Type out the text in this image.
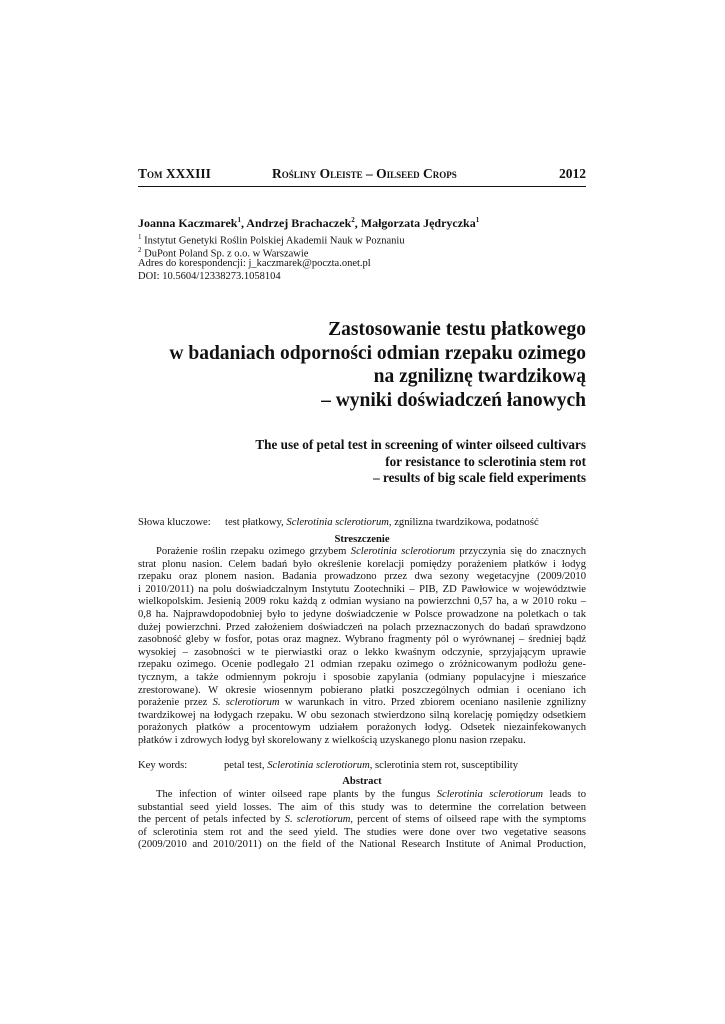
Tom XXXIII	Rośliny Oleiste – Oilseed Crops	2012
Joanna Kaczmarek$^1$, Andrzej Brachaczek$^2$, Małgorzata Jędryczka$^1$
$^1$ Instytut Genetyki Roślin Polskiej Akademii Nauk w Poznaniu
$^2$ DuPont Poland Sp. z o.o. w Warszawie
Adres do korespondencji: j_kaczmarek@poczta.onet.pl
DOI: 10.5604/12338273.1058104
Zastosowanie testu płatkowego
w badaniach odporności odmian rzepaku ozimego
na zgniliznę twardzikową
– wyniki doświadczeń łanowych
The use of petal test in screening of winter oilseed cultivars
for resistance to sclerotinia stem rot
– results of big scale field experiments
Słowa kluczowe: test płatkowy, Sclerotinia sclerotiorum, zgnilizna twardzikowa, podatność
Streszczenie
Porażenie roślin rzepaku ozimego grzybem Sclerotinia sclerotiorum przyczynia się do znacznych
strat plonu nasion. Celem badań było określenie korelacji pomiędzy porażeniem płatków i łodyg
rzepaku oraz plonem nasion. Badania prowadzono przez dwa sezony wegetacyjne (2009/2010
i 2010/2011) na polu doświadczalnym Instytutu Zootechniki – PIB, ZD Pawłowice w województwie
wielkopolskim. Jesienią 2009 roku każdą z odmian wysiano na powierzchni 0,57 ha, a w 2010 roku –
0,8 ha. Najprawdopodobniej było to jedyne doświadczenie w Polsce prowadzone na poletkach o tak
dużej powierzchni. Przed założeniem doświadczeń na polach przeznaczonych do badań sprawdzono
zasobność gleby w fosfor, potas oraz magnez. Wybrano fragmenty pól o wyrównanej – średniej bądź
wysokiej – zasobności w te pierwiastki oraz o lekko kwaśnym odczynie, sprzyjającym uprawie
rzepaku ozimego. Ocenie podlegało 21 odmian rzepaku ozimego o zróżnicowanym podłożu gene-
tycznym, a także odmiennym pokroju i sposobie zapylania (odmiany populacyjne i mieszańce
zrestorowane). W okresie wiosennym pobierano płatki poszczególnych odmian i oceniano ich
porażenie przez S. sclerotiorum w warunkach in vitro. Przed zbiorem oceniano nasilenie zgnilizny
twardzikowej na łodygach rzepaku. W obu sezonach stwierdzono silną korelację pomiędzy odsetkiem
porażonych płatków a procentowym udziałem porażonych łodyg. Odsetek niezainfekowanych
płatków i zdrowych łodyg był skorelowany z wielkością uzyskanego plonu nasion rzepaku.
Key words:	petal test, Sclerotinia sclerotiorum, sclerotinia stem rot, susceptibility
Abstract
The infection of winter oilseed rape plants by the fungus Sclerotinia sclerotiorum leads to
substantial seed yield losses. The aim of this study was to determine the correlation between
the percent of petals infected by S. sclerotiorum, percent of stems of oilseed rape with the symptoms
of sclerotinia stem rot and the seed yield. The studies were done over two vegetative seasons
(2009/2010 and 2010/2011) on the field of the National Research Institute of Animal Production,
